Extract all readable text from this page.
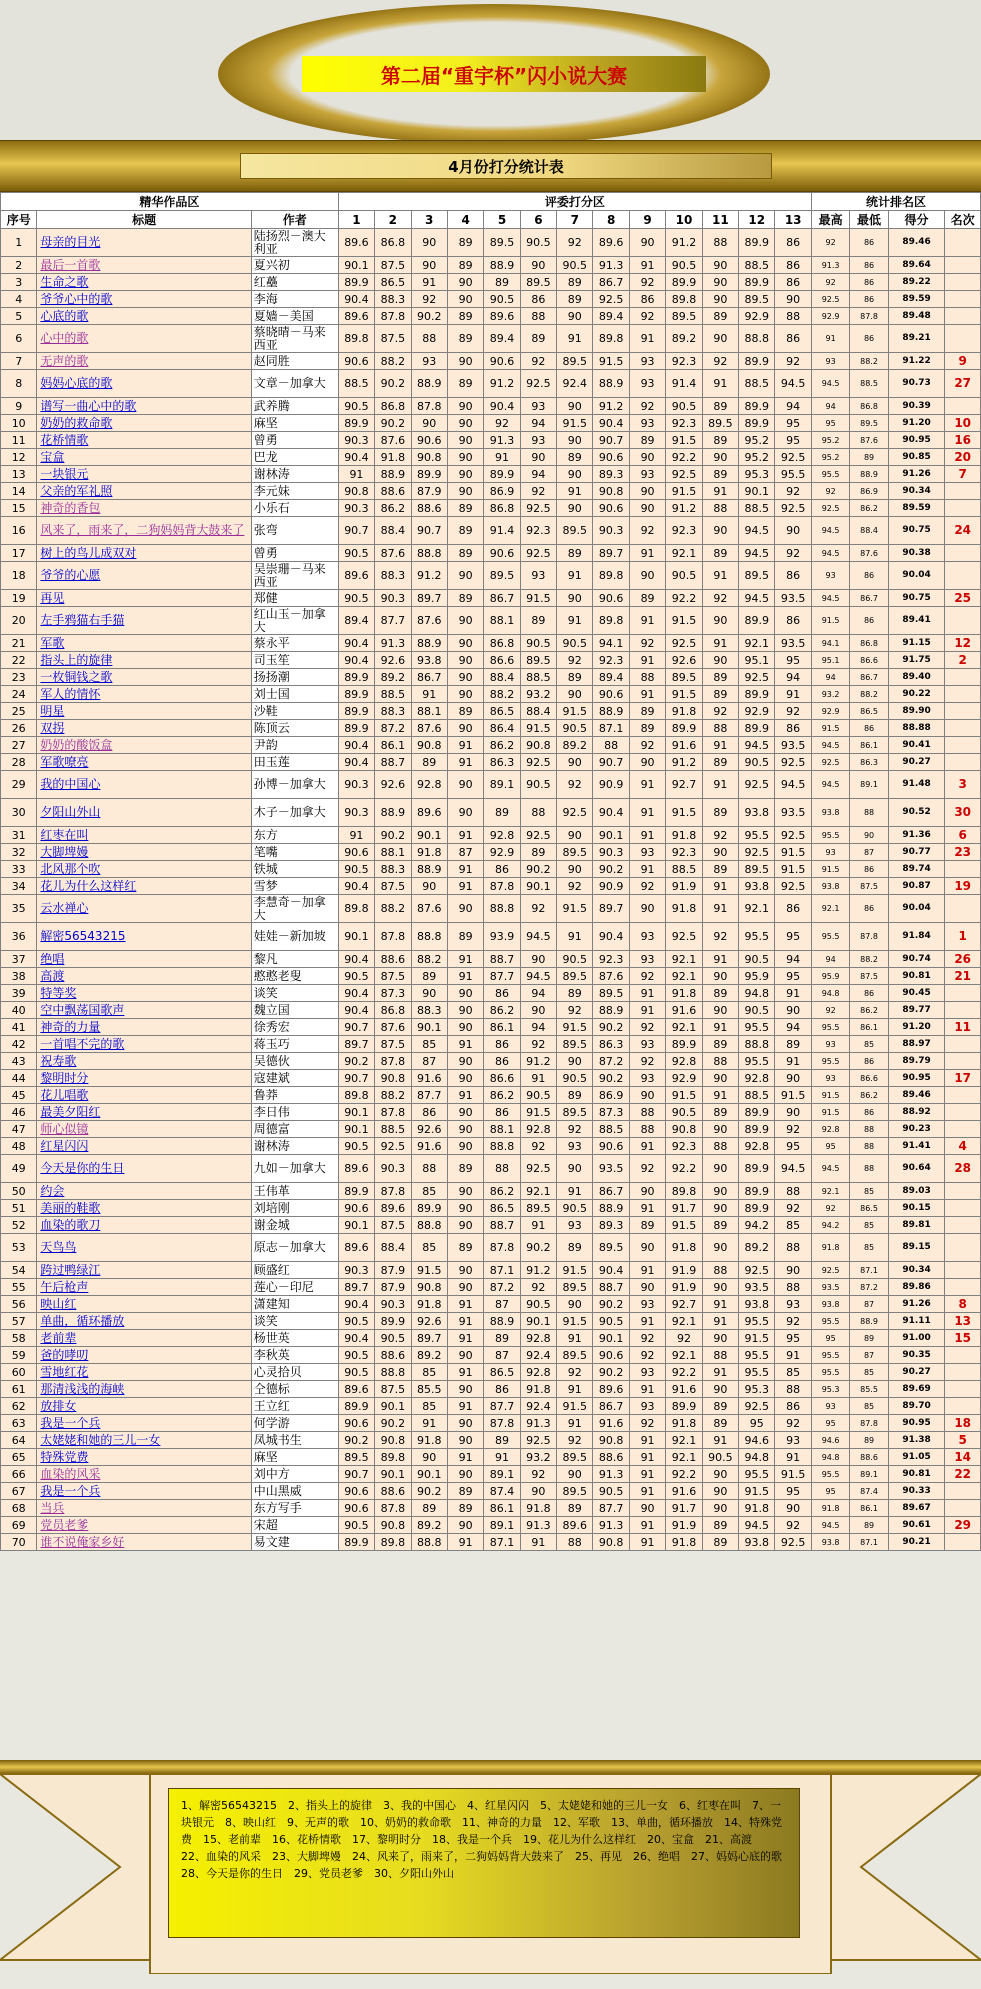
第二届“重宇杯”闪小说大赛
4月份打分统计表
精华作品区			评委打分区													统计排名区			
序号	标题	作者	1	2	3	4	5	6	7	8	9	10	11	12	13	最高	最低	得分	名次
1	母亲的目光	陆扬烈－澳大利亚	89.6	86.8	90	89	89.5	90.5	92	89.6	90	91.2	88	89.9	86	92	86	89.46	
2	最后一首歌	夏兴初	90.1	87.5	90	89	88.9	90	90.5	91.3	91	90.5	90	88.5	86	91.3	86	89.64	
3	生命之歌	红蘲	89.9	86.5	91	90	89	89.5	89	86.7	92	89.9	90	89.9	86	92	86	89.22	
4	爷爷心中的歌	李海	90.4	88.3	92	90	90.5	86	89	92.5	86	89.8	90	89.5	90	92.5	86	89.59	
5	心底的歌	夏嫱－美国	89.6	87.8	90.2	89	89.6	88	90	89.4	92	89.5	89	92.9	88	92.9	87.8	89.48	
6	心中的歌	蔡晓晴－马来西亚	89.8	87.5	88	89	89.4	89	91	89.8	91	89.2	90	88.8	86	91	86	89.21	
7	无声的歌	赵同胜	90.6	88.2	93	90	90.6	92	89.5	91.5	93	92.3	92	89.9	92	93	88.2	91.22	9
8	妈妈心底的歌	文章－加拿大	88.5	90.2	88.9	89	91.2	92.5	92.4	88.9	93	91.4	91	88.5	94.5	94.5	88.5	90.73	27
9	谱写一曲心中的歌	武养腾	90.5	86.8	87.8	90	90.4	93	90	91.2	92	90.5	89	89.9	94	94	86.8	90.39	
10	奶奶的救命歌	麻坚	89.9	90.2	90	90	92	94	91.5	90.4	93	92.3	89.5	89.9	95	95	89.5	91.20	10
11	花桥情歌	曾勇	90.3	87.6	90.6	90	91.3	93	90	90.7	89	91.5	89	95.2	95	95.2	87.6	90.95	16
12	宝盒	巴龙	90.4	91.8	90.8	90	91	90	89	90.6	90	92.2	90	95.2	92.5	95.2	89	90.85	20
13	一块银元	谢林涛	91	88.9	89.9	90	89.9	94	90	89.3	93	92.5	89	95.3	95.5	95.5	88.9	91.26	7
14	父亲的军礼照	李元妹	90.8	88.6	87.9	90	86.9	92	91	90.8	90	91.5	91	90.1	92	92	86.9	90.34	
15	神奇的香包	小乐石	90.3	86.2	88.6	89	86.8	92.5	90	90.6	90	91.2	88	88.5	92.5	92.5	86.2	89.59	
16	风来了，雨来了，二狗妈妈背大鼓来了	张弯	90.7	88.4	90.7	89	91.4	92.3	89.5	90.3	92	92.3	90	94.5	90	94.5	88.4	90.75	24
17	树上的鸟儿成双对	曾勇	90.5	87.6	88.8	89	90.6	92.5	89	89.7	91	92.1	89	94.5	92	94.5	87.6	90.38	
18	爷爷的心愿	吴崇珊－马来西亚	89.6	88.3	91.2	90	89.5	93	91	89.8	90	90.5	91	89.5	86	93	86	90.04	
19	再见	郑健	90.5	90.3	89.7	89	86.7	91.5	90	90.6	89	92.2	92	94.5	93.5	94.5	86.7	90.75	25
20	左手鸦猫右手猫	红山玉－加拿大	89.4	87.7	87.6	90	88.1	89	91	89.8	91	91.5	90	89.9	86	91.5	86	89.41	
21	军歌	蔡永平	90.4	91.3	88.9	90	86.8	90.5	90.5	94.1	92	92.5	91	92.1	93.5	94.1	86.8	91.15	12
22	指头上的旋律	司玉笙	90.4	92.6	93.8	90	86.6	89.5	92	92.3	91	92.6	90	95.1	95	95.1	86.6	91.75	2
23	一枚铜钱之歌	扬扬潮	89.9	89.2	86.7	90	88.4	88.5	89	89.4	88	89.5	89	92.5	94	94	86.7	89.40	
24	军人的情怀	刘士国	89.9	88.5	91	90	88.2	93.2	90	90.6	91	91.5	89	89.9	91	93.2	88.2	90.22	
25	明星	沙鞋	89.9	88.3	88.1	89	86.5	88.4	91.5	88.9	89	91.8	92	92.9	92	92.9	86.5	89.90	
26	双拐	陈顶云	89.9	87.2	87.6	90	86.4	91.5	90.5	87.1	89	89.9	88	89.9	86	91.5	86	88.88	
27	奶奶的酸饭盒	尹韵	90.4	86.1	90.8	91	86.2	90.8	89.2	88	92	91.6	91	94.5	93.5	94.5	86.1	90.41	
28	军歌嘹亮	田玉莲	90.4	88.7	89	91	86.3	92.5	90	90.7	90	91.2	89	90.5	92.5	92.5	86.3	90.27	
29	我的中国心	孙博－加拿大	90.3	92.6	92.8	90	89.1	90.5	92	90.9	91	92.7	91	92.5	94.5	94.5	89.1	91.48	3
30	夕阳山外山	木子－加拿大	90.3	88.9	89.6	90	89	88	92.5	90.4	91	91.5	89	93.8	93.5	93.8	88	90.52	30
31	红枣在叫	东方	91	90.2	90.1	91	92.8	92.5	90	90.1	91	91.8	92	95.5	92.5	95.5	90	91.36	6
32	大脚埤嫚	笔嘴	90.6	88.1	91.8	87	92.9	89	89.5	90.3	93	92.3	90	92.5	91.5	93	87	90.77	23
33	北风那个吹	铁城	90.5	88.3	88.9	91	86	90.2	90	90.2	91	88.5	89	89.5	91.5	91.5	86	89.74	
34	花儿为什么这样红	雪梦	90.4	87.5	90	91	87.8	90.1	92	90.9	92	91.9	91	93.8	92.5	93.8	87.5	90.87	19
35	云水禅心	李慧奇－加拿大	89.8	88.2	87.6	90	88.8	92	91.5	89.7	90	91.8	91	92.1	86	92.1	86	90.04	
36	解密56543215	娃娃－新加坡	90.1	87.8	88.8	89	93.9	94.5	91	90.4	93	92.5	92	95.5	95	95.5	87.8	91.84	1
37	绝唱	黎凡	90.4	88.6	88.2	91	88.7	90	90.5	92.3	93	92.1	91	90.5	94	94	88.2	90.74	26
38	高渡	憨憨老叟	90.5	87.5	89	91	87.7	94.5	89.5	87.6	92	92.1	90	95.9	95	95.9	87.5	90.81	21
39	特等奖	谈笑	90.4	87.3	90	90	86	94	89	89.5	91	91.8	89	94.8	91	94.8	86	90.45	
40	空中飘荡国歌声	魏立国	90.4	86.8	88.3	90	86.2	90	92	88.9	91	91.6	90	90.5	90	92	86.2	89.77	
41	神奇的力量	徐秀宏	90.7	87.6	90.1	90	86.1	94	91.5	90.2	92	92.1	91	95.5	94	95.5	86.1	91.20	11
42	一首唱不完的歌	蒋玉巧	89.7	87.5	85	91	86	92	89.5	86.3	93	89.9	89	88.8	89	93	85	88.97	
43	祝寿歌	吴德伙	90.2	87.8	87	90	86	91.2	90	87.2	92	92.8	88	95.5	91	95.5	86	89.79	
44	黎明时分	寇建斌	90.7	90.8	91.6	90	86.6	91	90.5	90.2	93	92.9	90	92.8	90	93	86.6	90.95	17
45	花儿唱歌	鲁莽	89.8	88.2	87.7	91	86.2	90.5	89	86.9	90	91.5	91	88.5	91.5	91.5	86.2	89.46	
46	最美夕阳红	李日伟	90.1	87.8	86	90	86	91.5	89.5	87.3	88	90.5	89	89.9	90	91.5	86	88.92	
47	师心似镜	周德富	90.1	88.5	92.6	90	88.1	92.8	92	88.5	88	90.8	90	89.9	92	92.8	88	90.23	
48	红星闪闪	谢林涛	90.5	92.5	91.6	90	88.8	92	93	90.6	91	92.3	88	92.8	95	95	88	91.41	4
49	今天是你的生日	九如－加拿大	89.6	90.3	88	89	88	92.5	90	93.5	92	92.2	90	89.9	94.5	94.5	88	90.64	28
50	约会	王伟革	89.9	87.8	85	90	86.2	92.1	91	86.7	90	89.8	90	89.9	88	92.1	85	89.03	
51	美丽的鞋歌	刘培刚	90.6	89.6	89.9	90	86.5	89.5	90.5	88.9	91	91.7	90	89.9	92	92	86.5	90.15	
52	血染的歌刀	谢金城	90.1	87.5	88.8	90	88.7	91	93	89.3	89	91.5	89	94.2	85	94.2	85	89.81	
53	天鸟鸟	原志－加拿大	89.6	88.4	85	89	87.8	90.2	89	89.5	90	91.8	90	89.2	88	91.8	85	89.15	
54	跨过鸭绿江	顾盛红	90.3	87.9	91.5	90	87.1	91.2	91.5	90.4	91	91.9	88	92.5	90	92.5	87.1	90.34	
55	午后枪声	莲心－印尼	89.7	87.9	90.8	90	87.2	92	89.5	88.7	90	91.9	90	93.5	88	93.5	87.2	89.86	
56	映山红	潇建知	90.4	90.3	91.8	91	87	90.5	90	90.2	93	92.7	91	93.8	93	93.8	87	91.26	8
57	单曲，循环播放	谈笑	90.5	89.9	92.6	91	88.9	90.1	91.5	90.5	91	92.1	91	95.5	92	95.5	88.9	91.11	13
58	老前辈	杨世英	90.4	90.5	89.7	91	89	92.8	91	90.1	92	92	90	91.5	95	95	89	91.00	15
59	爸的哮叨	李秋英	90.5	88.6	89.2	90	87	92.4	89.5	90.6	92	92.1	88	95.5	91	95.5	87	90.35	
60	雪地红花	心灵拾贝	90.5	88.8	85	91	86.5	92.8	92	90.2	93	92.2	91	95.5	85	95.5	85	90.27	
61	那清浅浅的海峡	仝德标	89.6	87.5	85.5	90	86	91.8	91	89.6	91	91.6	90	95.3	88	95.3	85.5	89.69	
62	放排女	王立红	89.9	90.1	85	91	87.7	92.4	91.5	86.7	93	89.9	89	92.5	86	93	85	89.70	
63	我是一个兵	何学游	90.6	90.2	91	90	87.8	91.3	91	91.6	92	91.8	89	95	92	95	87.8	90.95	18
64	太姥姥和她的三儿一女	凤城书生	90.2	90.8	91.8	90	89	92.5	92	90.8	91	92.1	91	94.6	93	94.6	89	91.38	5
65	特殊党费	麻坚	89.5	89.8	90	91	91	93.2	89.5	88.6	91	92.1	90.5	94.8	91	94.8	88.6	91.05	14
66	血染的风采	刘中方	90.7	90.1	90.1	90	89.1	92	90	91.3	91	92.2	90	95.5	91.5	95.5	89.1	90.81	22
67	我是一个兵	中山黑威	90.6	88.6	90.2	89	87.4	90	89.5	90.5	91	91.6	90	91.5	95	95	87.4	90.33	
68	当兵	东方写手	90.6	87.8	89	89	86.1	91.8	89	87.7	90	91.7	90	91.8	90	91.8	86.1	89.67	
69	党员老爹	宋超	90.5	90.8	89.2	90	89.1	91.3	89.6	91.3	91	91.9	89	94.5	92	94.5	89	90.61	29
70	谁不说俺家乡好	易文建	89.9	89.8	88.8	91	87.1	91	88	90.8	91	91.8	89	93.8	92.5	93.8	87.1	90.21	

1、解密56543215　2、指头上的旋律　3、我的中国心　4、红星闪闪　5、太姥姥和她的三儿一女　6、红枣在叫　7、一块银元　8、映山红　9、无声的歌　10、奶奶的救命歌　11、神奇的力量　12、军歌　13、单曲，循环播放　14、特殊党费　15、老前辈　16、花桥情歌　17、黎明时分　18、我是一个兵　19、花儿为什么这样红　20、宝盒　21、高渡　22、血染的风采　23、大脚埤嫚　24、风来了，雨来了，二狗妈妈背大鼓来了　25、再见　26、绝唱　27、妈妈心底的歌　28、今天是你的生日　29、党员老爹　30、夕阳山外山
